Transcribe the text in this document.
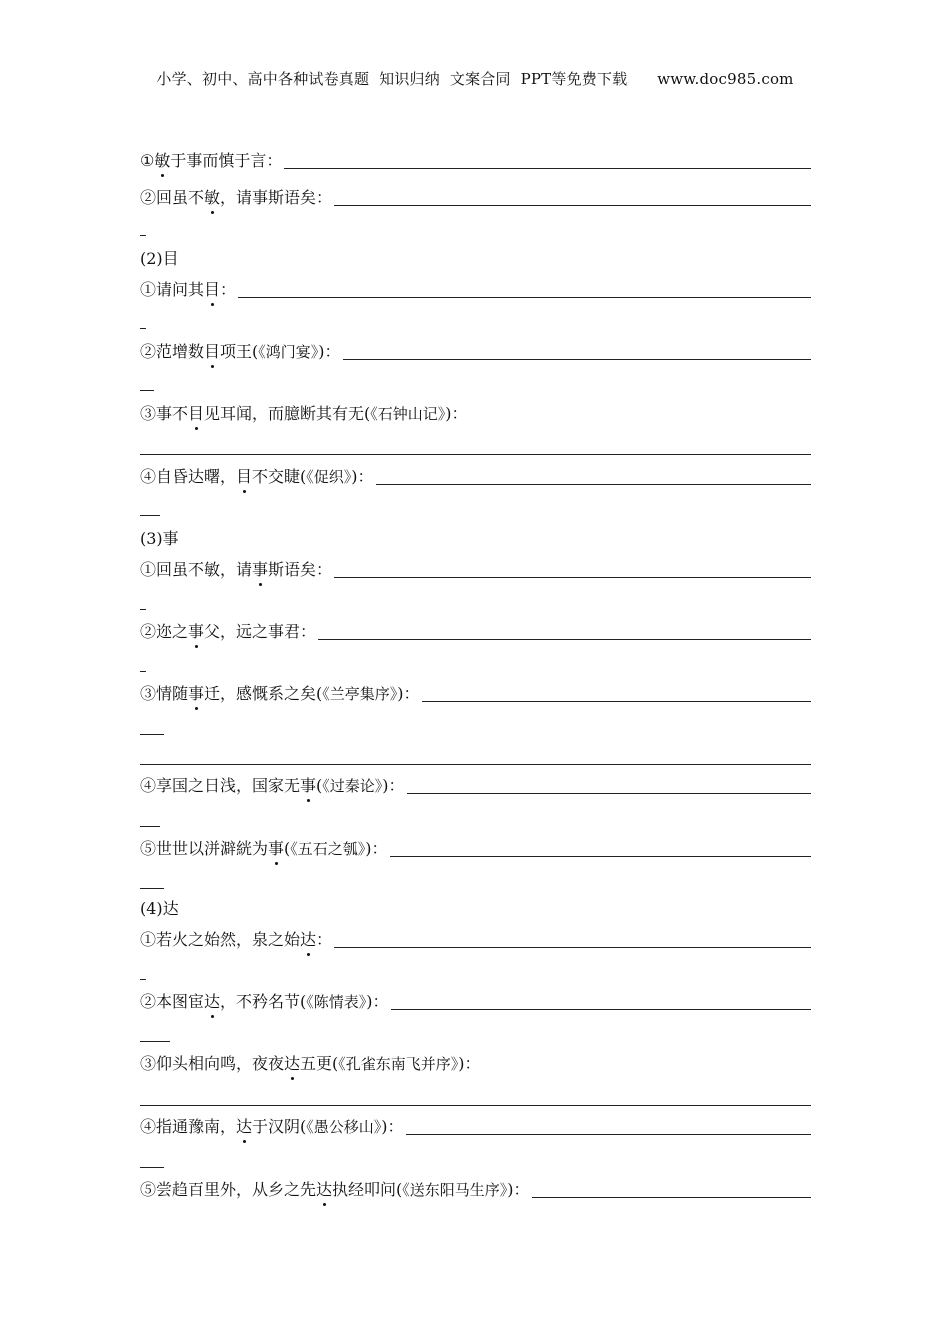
小学、初中、高中各种试卷真题  知识归纳  文案合同  PPT等免费下载      www.doc985.com
①敏于事而慎于言：
②回虽不敏，请事斯语矣：
(2)目
①请问其目：
②范增数目项王(《鸿门宴》)：
③事不目见耳闻，而臆断其有无(《石钟山记》)：
④自昏达曙，目不交睫(《促织》)：
(3)事
①回虽不敏，请事斯语矣：
②迩之事父，远之事君：
③情随事迁，感慨系之矣(《兰亭集序》)：
④享国之日浅，国家无事(《过秦论》)：
⑤世世以洴澼絖为事(《五石之瓠》)：
(4)达
①若火之始然，泉之始达：
②本图宦达，不矜名节(《陈情表》)：
③仰头相向鸣，夜夜达五更(《孔雀东南飞并序》)：
④指通豫南，达于汉阴(《愚公移山》)：
⑤尝趋百里外，从乡之先达执经叩问(《送东阳马生序》)：
